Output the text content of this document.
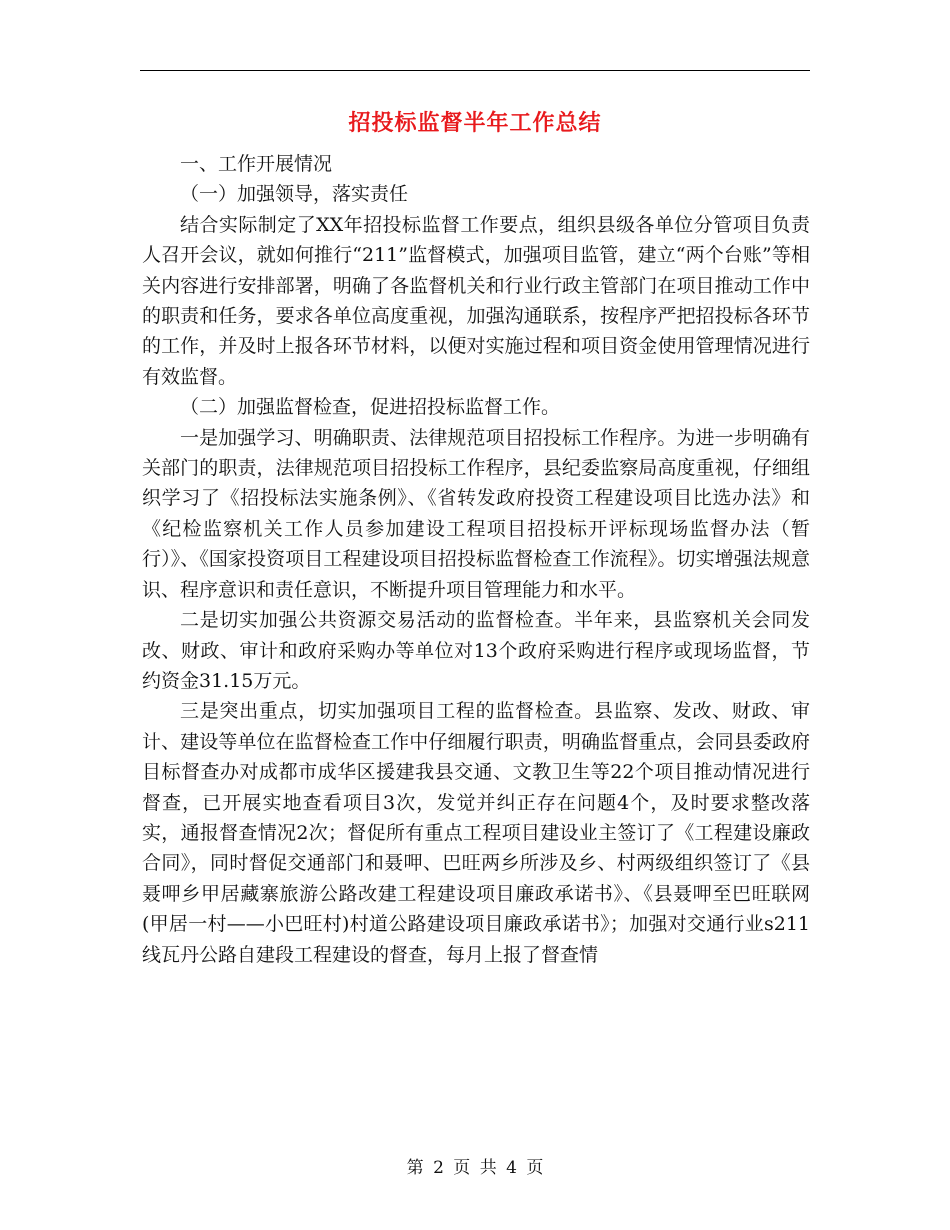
招投标监督半年工作总结

一、工作开展情况

（一）加强领导，落实责任

结合实际制定了XX年招投标监督工作要点，组织县级各单位分管项目负责人召开会议，就如何推行“211”监督模式，加强项目监管，建立“两个台账”等相关内容进行安排部署，明确了各监督机关和行业行政主管部门在项目推动工作中的职责和任务，要求各单位高度重视，加强沟通联系，按程序严把招投标各环节的工作，并及时上报各环节材料，以便对实施过程和项目资金使用管理情况进行有效监督。

（二）加强监督检查，促进招投标监督工作。

一是加强学习、明确职责、法律规范项目招投标工作程序。为进一步明确有关部门的职责，法律规范项目招投标工作程序，县纪委监察局高度重视，仔细组织学习了《招投标法实施条例》、《省转发政府投资工程建设项目比选办法》和《纪检监察机关工作人员参加建设工程项目招投标开评标现场监督办法（暂行）》、《国家投资项目工程建设项目招投标监督检查工作流程》。切实增强法规意识、程序意识和责任意识，不断提升项目管理能力和水平。

二是切实加强公共资源交易活动的监督检查。半年来，县监察机关会同发改、财政、审计和政府采购办等单位对13个政府采购进行程序或现场监督，节约资金31.15万元。

三是突出重点，切实加强项目工程的监督检查。县监察、发改、财政、审计、建设等单位在监督检查工作中仔细履行职责，明确监督重点，会同县委政府目标督查办对成都市成华区援建我县交通、文教卫生等22个项目推动情况进行督查，已开展实地查看项目3次，发觉并纠正存在问题4个，及时要求整改落实，通报督查情况2次；督促所有重点工程项目建设业主签订了《工程建设廉政合同》，同时督促交通部门和聂呷、巴旺两乡所涉及乡、村两级组织签订了《县聂呷乡甲居藏寨旅游公路改建工程建设项目廉政承诺书》、《县聂呷至巴旺联网(甲居一村——小巴旺村)村道公路建设项目廉政承诺书》；加强对交通行业s211线瓦丹公路自建段工程建设的督查，每月上报了督查情

第 2 页 共 4 页
